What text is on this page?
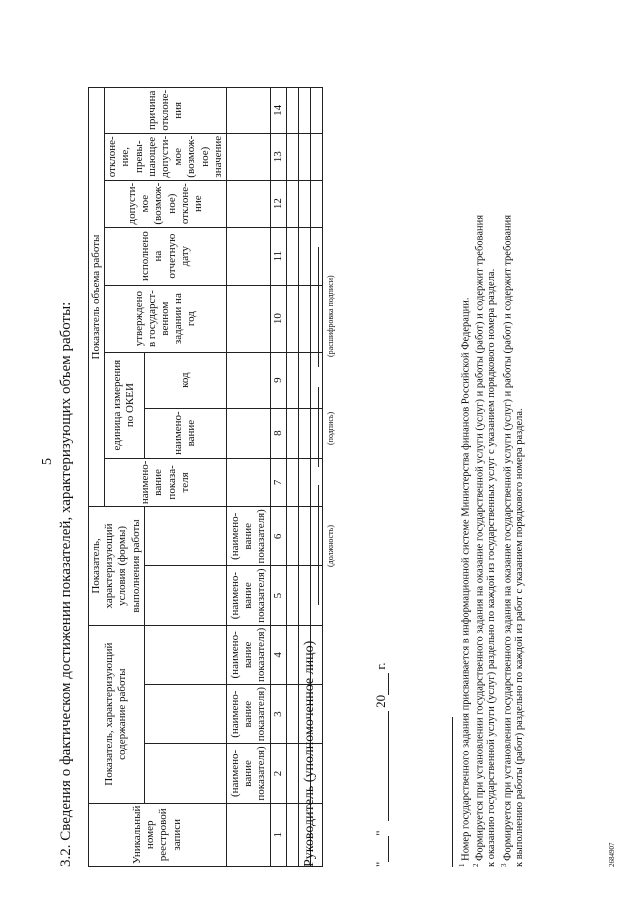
5 3.2. Сведения о фактическом достижении показателей, характеризующих объем работы:	Уникальный номер реестровой записи	Показатель, характеризующий содержание работы			Показатель, характеризующий условия (формы) выполнения работы		Показатель объема работы							
						наимено-вание показа-теля	единица измерения по ОКЕИ		утверждено в государст-венном задании на год	исполнено на отчетную дату	допусти-мое (возмож-ное) отклоне-ние	отклоне-ние, превы-шающее допусти-мое (возмож-ное) значение	причина отклоне-ния
							наимено-вание	код					

	(наимено-вание показателя)	(наимено-вание показателя)	(наимено-вание показателя)	(наимено-вание показателя)	(наимено-вание показателя)								
1	2	3	4	5	6	7	8	9	10	11	12	13	14

Руководитель (уполномоченное лицо)
(должность)
(подпись)
(расшифровка подписи)
""  20 г.
$^1$ Номер государственного задания присваивается в информационной системе Министерства финансов Российской Федерации.
$^2$ Формируется при установлении государственного задания на оказание государственной услуги (услуг) и работы (работ) и содержит требования к оказанию государственной услуги (услуг) раздельно по каждой из государственных услуг с указанием порядкового номера раздела. $^3$ Формируется при установлении государственного задания на оказание государственной услуги (услуг) и работы (работ) и содержит требования к выполнению работы (работ) раздельно по каждой из работ с указанием порядкового номера раздела.	2684907
